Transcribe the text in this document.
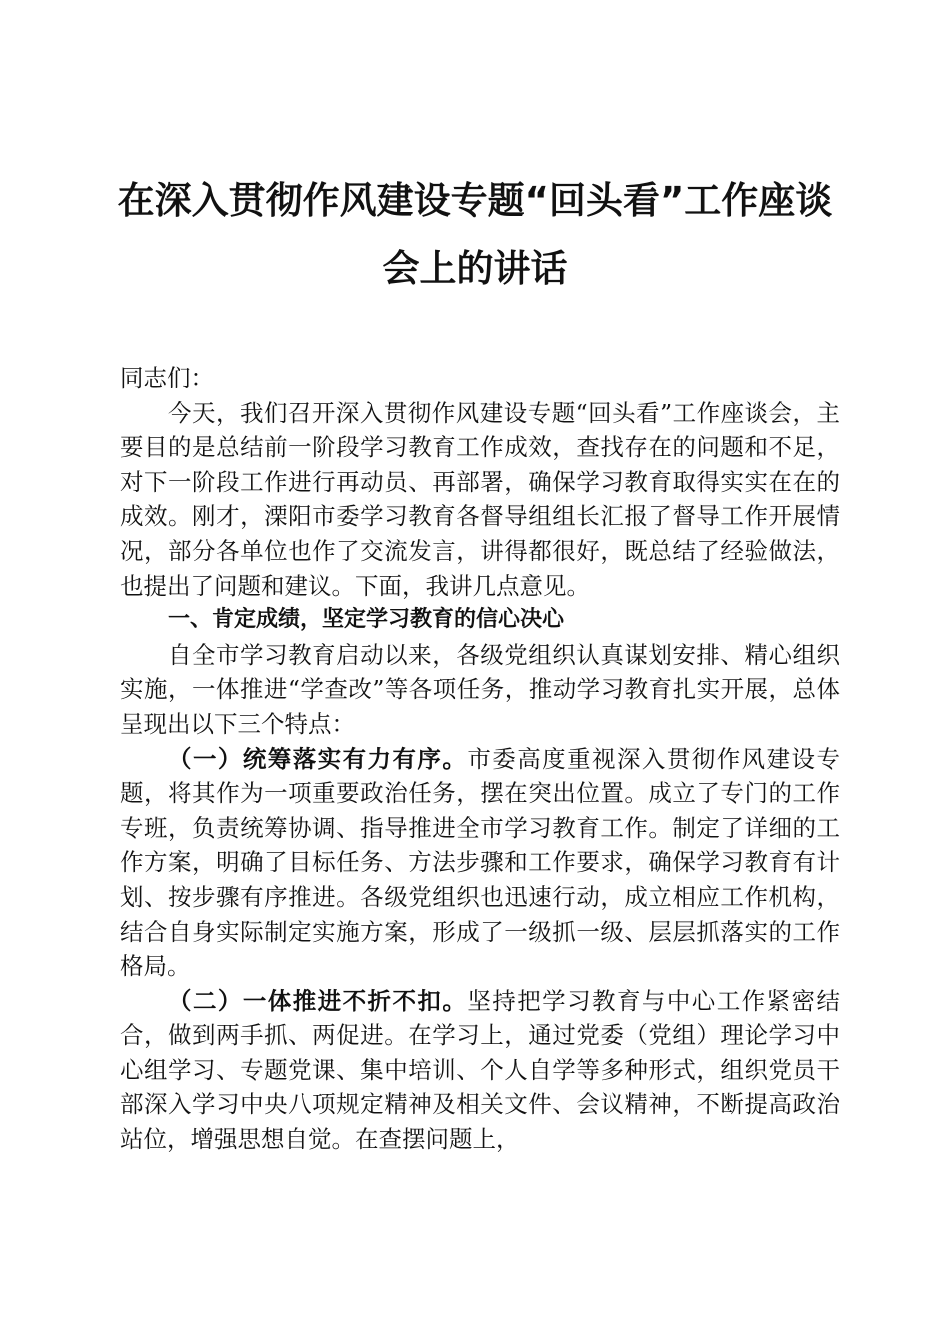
在深入贯彻作风建设专题“回头看”工作座谈
会上的讲话

同志们：

今天，我们召开深入贯彻作风建设专题“回头看”工作座谈会，主要目的是总结前一阶段学习教育工作成效，查找存在的问题和不足，对下一阶段工作进行再动员、再部署，确保学习教育取得实实在在的成效。刚才，溧阳市委学习教育各督导组组长汇报了督导工作开展情况，部分各单位也作了交流发言，讲得都很好，既总结了经验做法，也提出了问题和建议。下面，我讲几点意见。

一、肯定成绩，坚定学习教育的信心决心

自全市学习教育启动以来，各级党组织认真谋划安排、精心组织实施，一体推进“学查改”等各项任务，推动学习教育扎实开展，总体呈现出以下三个特点：

（一）统筹落实有力有序。市委高度重视深入贯彻作风建设专题，将其作为一项重要政治任务，摆在突出位置。成立了专门的工作专班，负责统筹协调、指导推进全市学习教育工作。制定了详细的工作方案，明确了目标任务、方法步骤和工作要求，确保学习教育有计划、按步骤有序推进。各级党组织也迅速行动，成立相应工作机构，结合自身实际制定实施方案，形成了一级抓一级、层层抓落实的工作格局。

（二）一体推进不折不扣。坚持把学习教育与中心工作紧密结合，做到两手抓、两促进。在学习上，通过党委（党组）理论学习中心组学习、专题党课、集中培训、个人自学等多种形式，组织党员干部深入学习中央八项规定精神及相关文件、会议精神，不断提高政治站位，增强思想自觉。在查摆问题上，
